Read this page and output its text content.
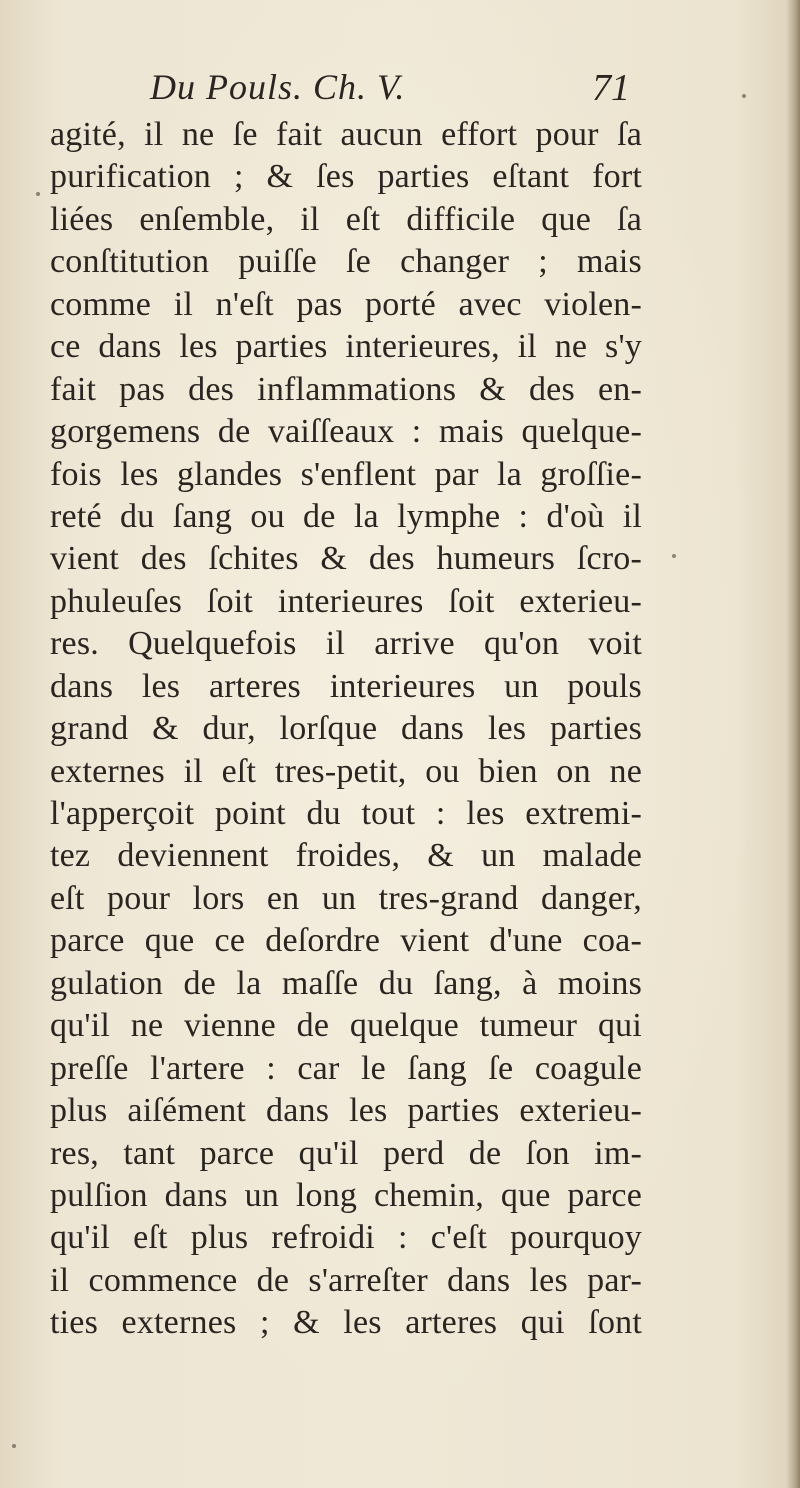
Du Pouls. Ch. V.	71
agité, il ne ſe fait aucun effort pour ſa
purification ; & ſes parties eſtant fort
liées enſemble, il eſt difficile que ſa
conſtitution puiſſe ſe changer ; mais
comme il n'eſt pas porté avec violen-
ce dans les parties interieures, il ne s'y
fait pas des inflammations & des en-
gorgemens de vaiſſeaux : mais quelque-
fois les glandes s'enflent par la groſſie-
reté du ſang ou de la lymphe : d'où il
vient des ſchites & des humeurs ſcro-
phuleuſes ſoit interieures ſoit exterieu-
res. Quelquefois il arrive qu'on voit
dans les arteres interieures un pouls
grand & dur, lorſque dans les parties
externes il eſt tres-petit, ou bien on ne
l'apperçoit point du tout : les extremi-
tez deviennent froides, & un malade
eſt pour lors en un tres-grand danger,
parce que ce deſordre vient d'une coa-
gulation de la maſſe du ſang, à moins
qu'il ne vienne de quelque tumeur qui
preſſe l'artere : car le ſang ſe coagule
plus aiſément dans les parties exterieu-
res, tant parce qu'il perd de ſon im-
pulſion dans un long chemin, que parce
qu'il eſt plus refroidi : c'eſt pourquoy
il commence de s'arreſter dans les par-
ties externes ; & les arteres qui ſont
